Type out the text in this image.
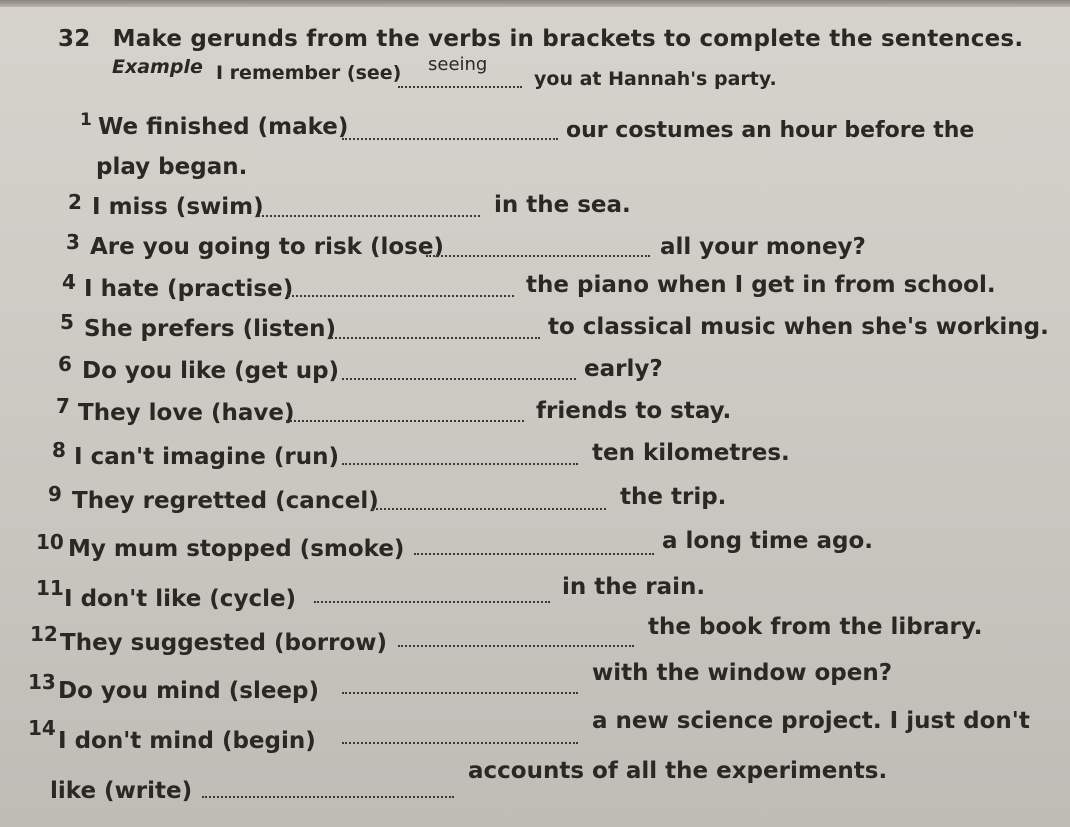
32 Make gerunds from the verbs in brackets to complete the sentences.
Example I remember (see) seeing
you at Hannah's party.
1 We finished (make)	our costumes an hour before the
play began.
2 I miss (swim)	in the sea.
3 Are you going to risk (lose)	all your money?
4 I hate (practise)	the piano when I get in from school.
5 She prefers (listen)	to classical music when she's working.
6 Do you like (get up)	early?
7 They love (have)	friends to stay.
8 I can't imagine (run)	ten kilometres.
9 They regretted (cancel)	the trip.
10 My mum stopped (smoke)	a long time ago.
11 I don't like (cycle)	in the rain.
12 They suggested (borrow)
the book from the library.
13 Do you mind (sleep)
with the window open?
14 I don't mind (begin)
a new science project. I just don't
like (write)
accounts of all the experiments.
